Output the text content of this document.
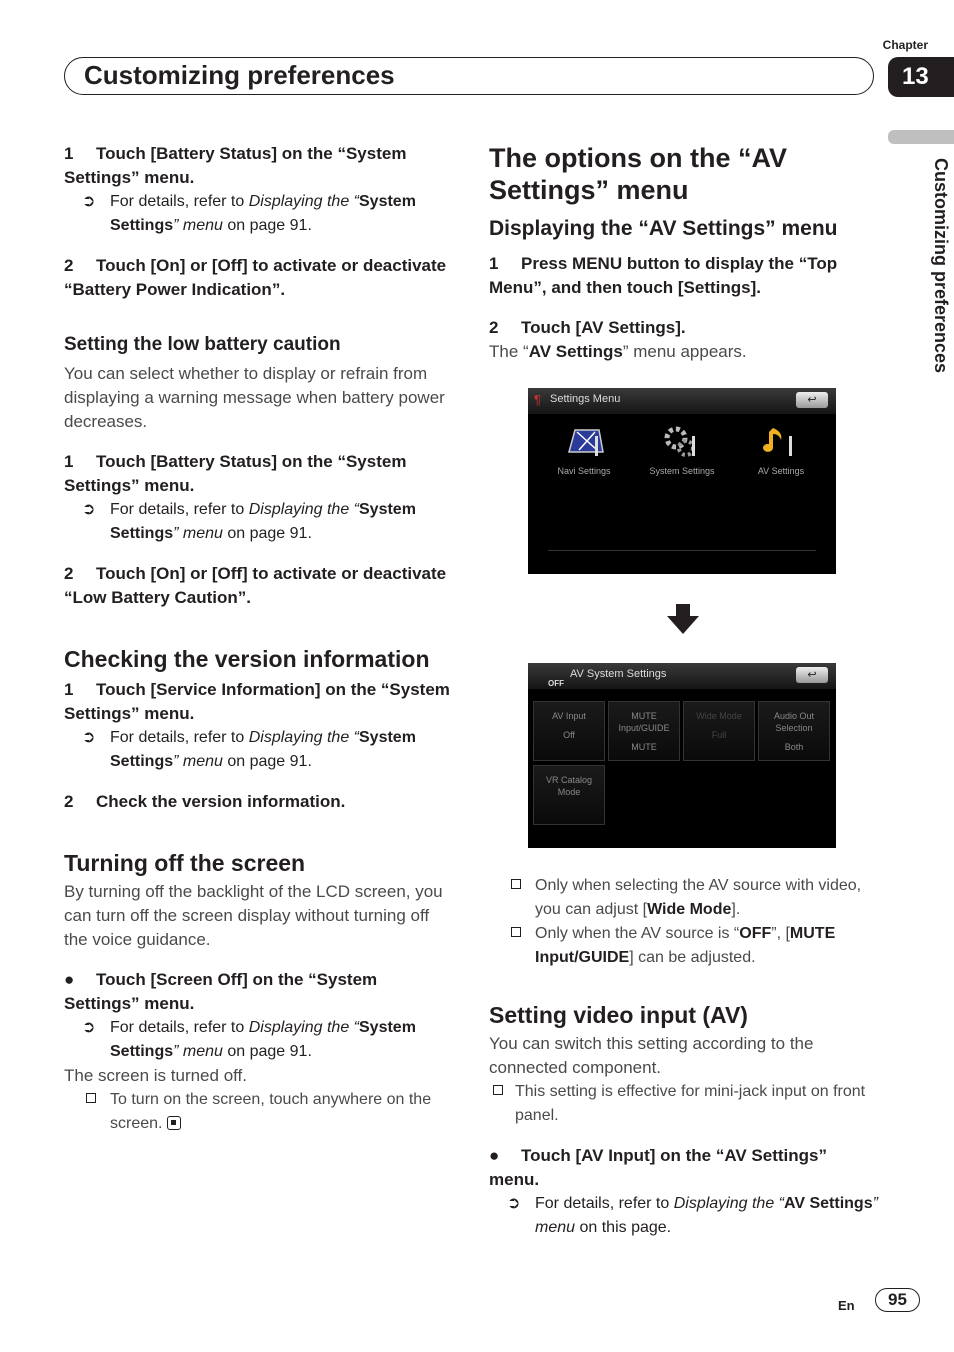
Chapter
Customizing preferences	13
Customizing preferences

1 Touch [Battery Status] on the “System Settings” menu.

➲ For details, refer to Displaying the “System Settings” menu on page 91.

2 Touch [On] or [Off] to activate or deactivate “Battery Power Indication”.

Setting the low battery caution

You can select whether to display or refrain from displaying a warning message when battery power decreases.

1 Touch [Battery Status] on the “System Settings” menu.

➲ For details, refer to Displaying the “System Settings” menu on page 91.

2 Touch [On] or [Off] to activate or deactivate “Low Battery Caution”.

Checking the version information

1 Touch [Service Information] on the “System Settings” menu.

➲ For details, refer to Displaying the “System Settings” menu on page 91.

2 Check the version information.

Turning off the screen

By turning off the backlight of the LCD screen, you can turn off the screen display without turning off the voice guidance.

● Touch [Screen Off] on the “System Settings” menu.

➲ For details, refer to Displaying the “System Settings” menu on page 91.

The screen is turned off.

To turn on the screen, touch anywhere on the screen.

The options on the “AV Settings” menu

Displaying the “AV Settings” menu

1 Press MENU button to display the “Top Menu”, and then touch [Settings].

2 Touch [AV Settings].

The “AV Settings” menu appears.

¶ Settings Menu	↩
Navi Settings	System Settings	AV Settings
OFF
AV System Settings	↩
AV Input
Off
MUTE Input/GUIDE
MUTE
Wide Mode
Full
Audio Out Selection
Both
VR Catalog Mode

Only when selecting the AV source with video, you can adjust [Wide Mode].

Only when the AV source is “OFF”, [MUTE Input/GUIDE] can be adjusted.

Setting video input (AV)

You can switch this setting according to the connected component.

This setting is effective for mini-jack input on front panel.

● Touch [AV Input] on the “AV Settings” menu.

➲ For details, refer to Displaying the “AV Settings” menu on this page.

En	95
